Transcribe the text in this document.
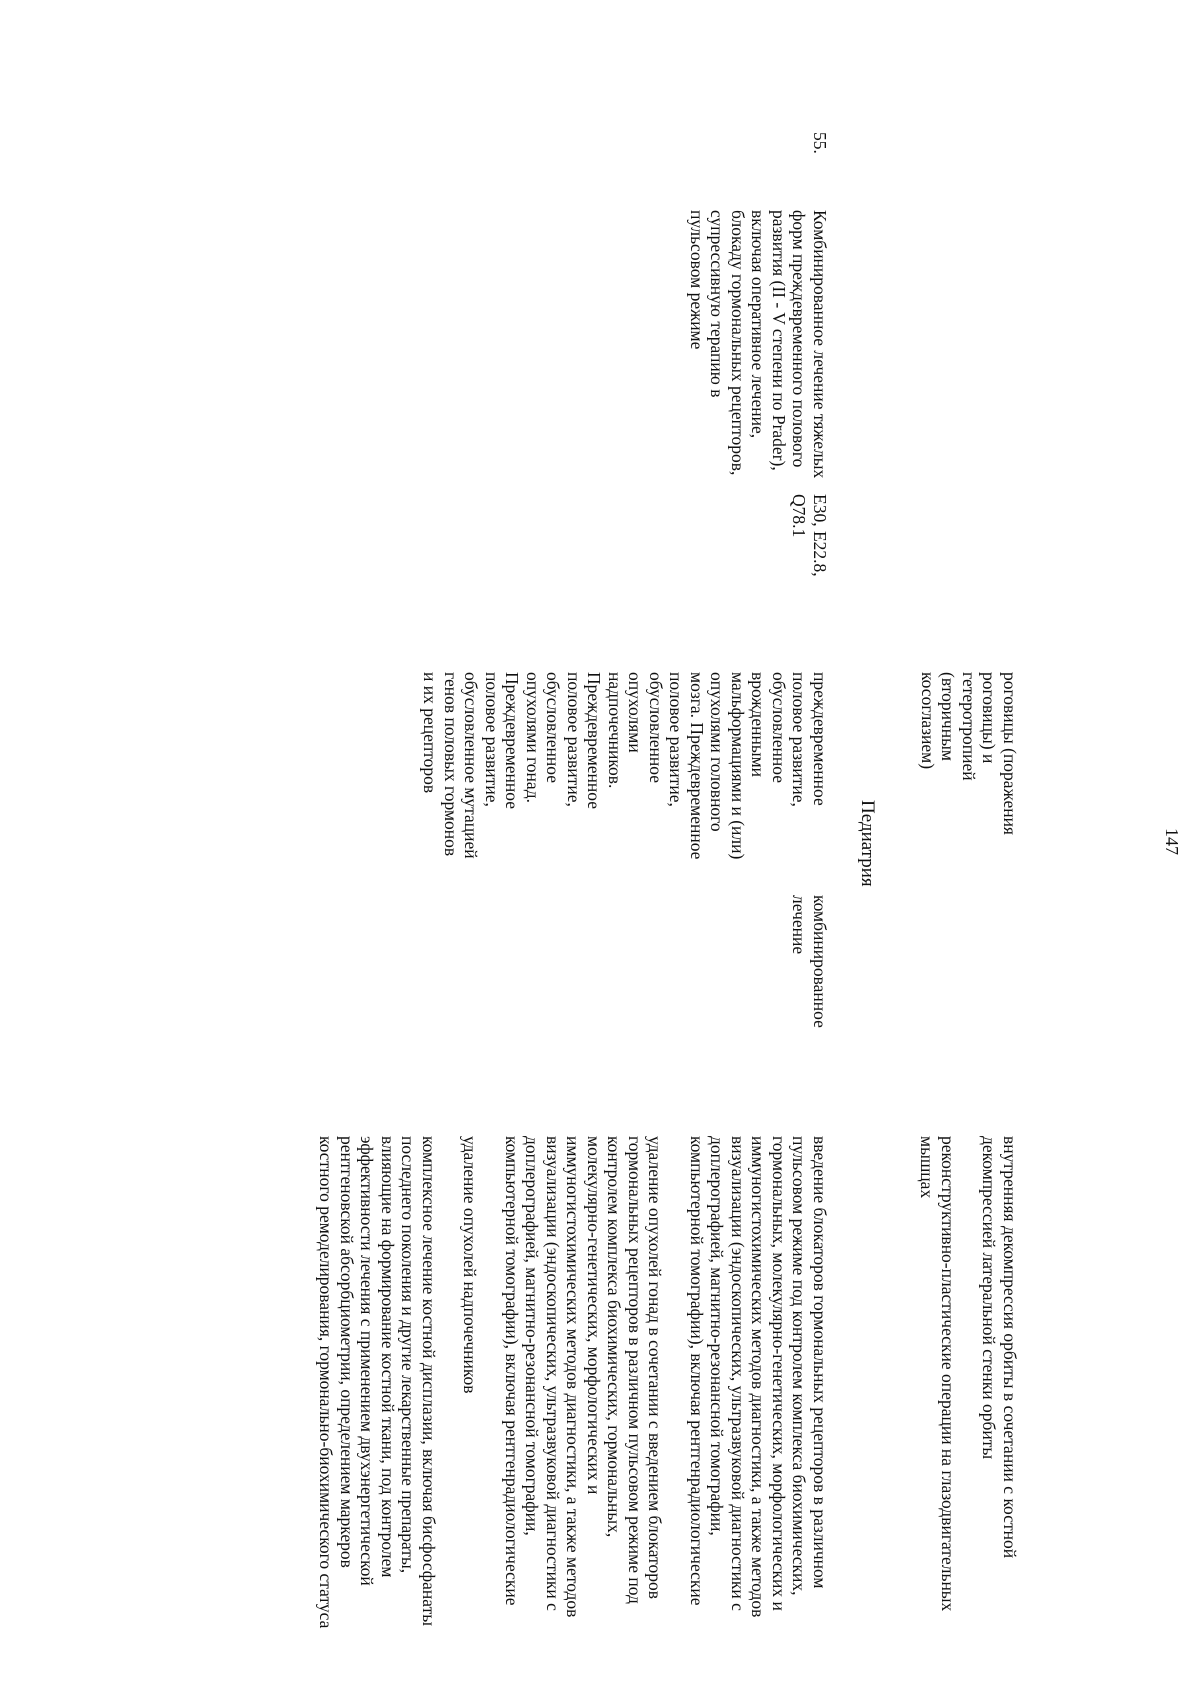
147
роговицы (поражения роговицы) и гетеротропией (вторичным косоглазием)

внутренняя декомпрессия орбиты в сочетании с костной декомпрессией латеральной стенки орбиты

реконструктивно-пластические операции на глазодвигательных мышцах

Педиатрия
55.
Комбинированное лечение тяжелых форм преждевременного полового развития (II - V степени по Prader), включая оперативное лечение, блокаду гормональных рецепторов, супрессивную терапию в пульсовом режиме
E30, E22.8, Q78.1
преждевременное половое развитие, обусловленное врожденными мальформациями и (или) опухолями головного мозга. Преждевременное половое развитие, обусловленное опухолями надпочечников. Преждевременное половое развитие, обусловленное опухолями гонад. Преждевременное половое развитие, обусловленное мутацией генов половых гормонов и их рецепторов
комбинированное лечение

введение блокаторов гормональных рецепторов в различном пульсовом режиме под контролем комплекса биохимических, гормональных, молекулярно-генетических, морфологических и иммуногистохимических методов диагностики, а также методов визуализации (эндоскопических, ультразвуковой диагностики с доплерографией, магнитно-резонансной томографии, компьютерной томографии), включая рентгенрадиологические

удаление опухолей гонад в сочетании с введением блокаторов гормональных рецепторов в различном пульсовом режиме под контролем комплекса биохимических, гормональных, молекулярно-генетических, морфологических и иммуногистохимических методов диагностики, а также методов визуализации (эндоскопических, ультразвуковой диагностики с доплерографией, магнитно-резонансной томографии, компьютерной томографии), включая рентгенрадиологические

удаление опухолей надпочечников

комплексное лечение костной дисплазии, включая бисфосфанаты последнего поколения и другие лекарственные препараты, влияющие на формирование костной ткани, под контролем эффективности лечения с применением двухэнергетической рентгеновской абсорбциометрии, определением маркеров костного ремоделирования, гормонально-биохимического статуса
